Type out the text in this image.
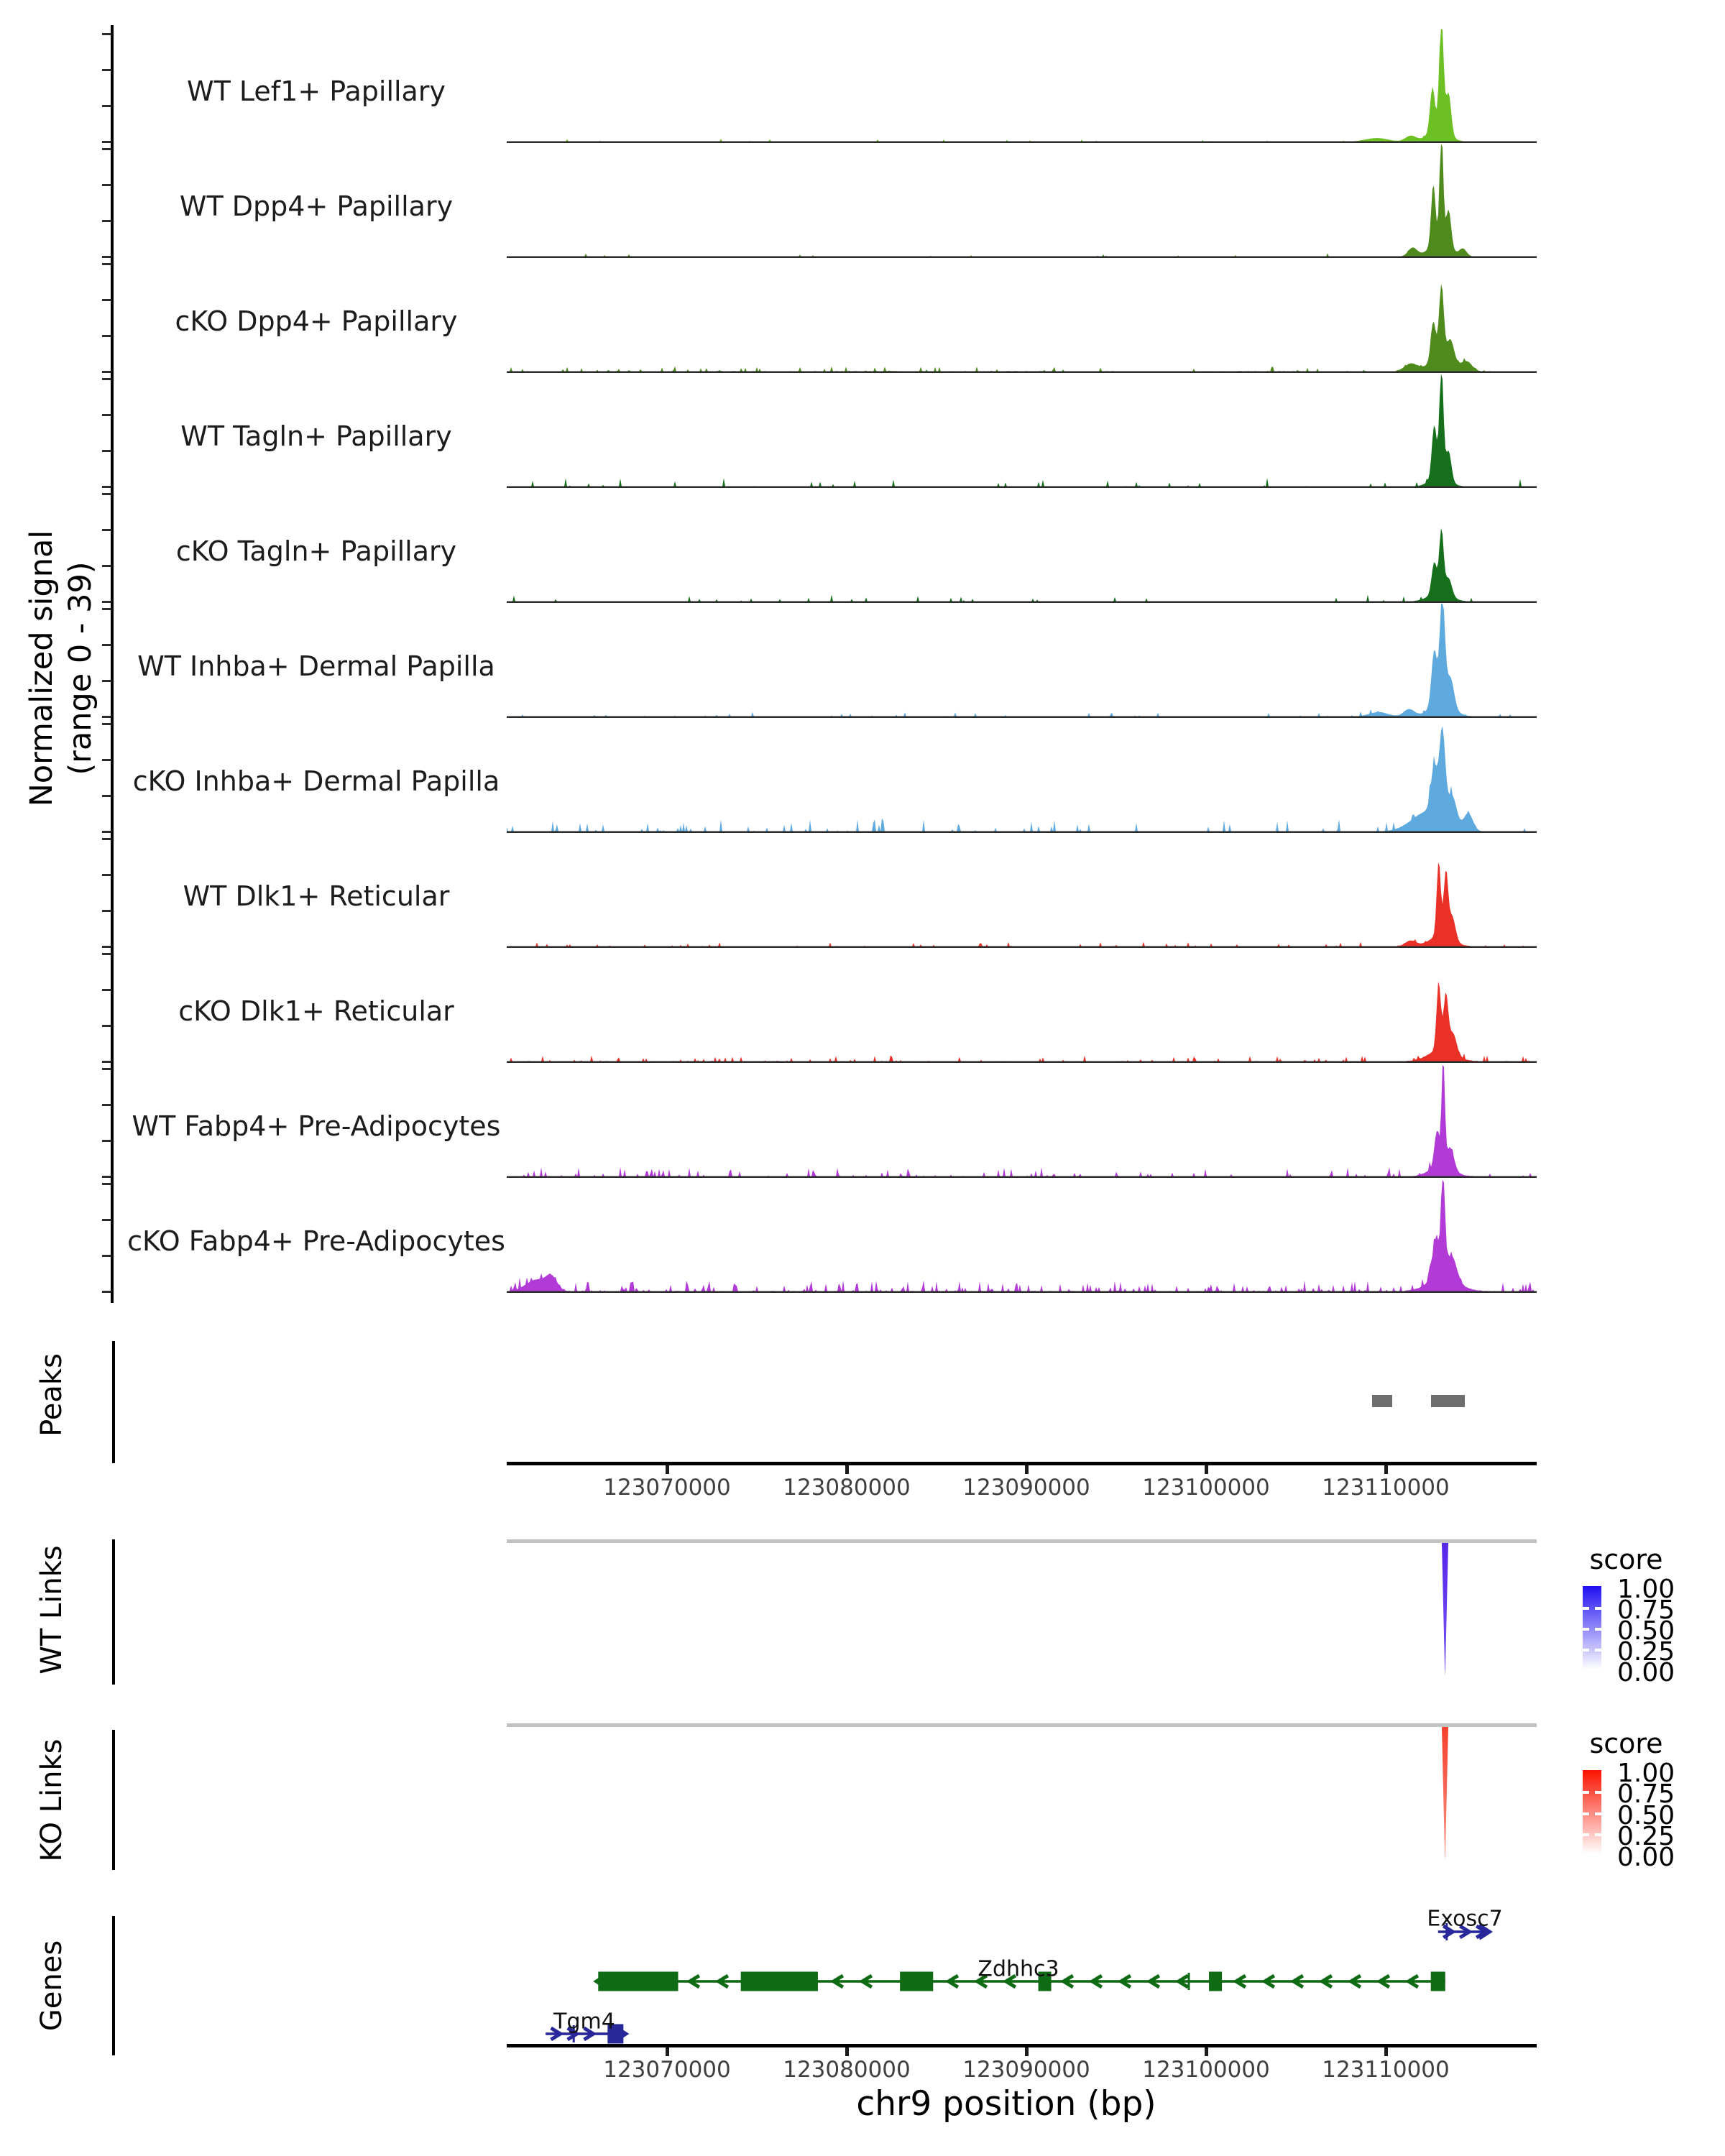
Normalized signal (range 0 - 39)
WT Lef1+ Papillary
WT Dpp4+ Papillary
cKO Dpp4+ Papillary
WT Tagln+ Papillary
cKO Tagln+ Papillary
WT Inhba+ Dermal Papilla
cKO Inhba+ Dermal Papilla
WT Dlk1+ Reticular
cKO Dlk1+ Reticular
WT Fabp4+ Pre-Adipocytes
cKO Fabp4+ Pre-Adipocytes
Peaks
123070000	123080000	123090000	123100000	123110000
WT Links	score
1.00
0.75
0.50
0.25
0.00
KO Links	score
1.00
0.75
0.50
0.25
0.00
Genes
Exosc7
Zdhhc3
Tgm4
123070000	123080000	123090000	123100000	123110000
chr9 position (bp)
